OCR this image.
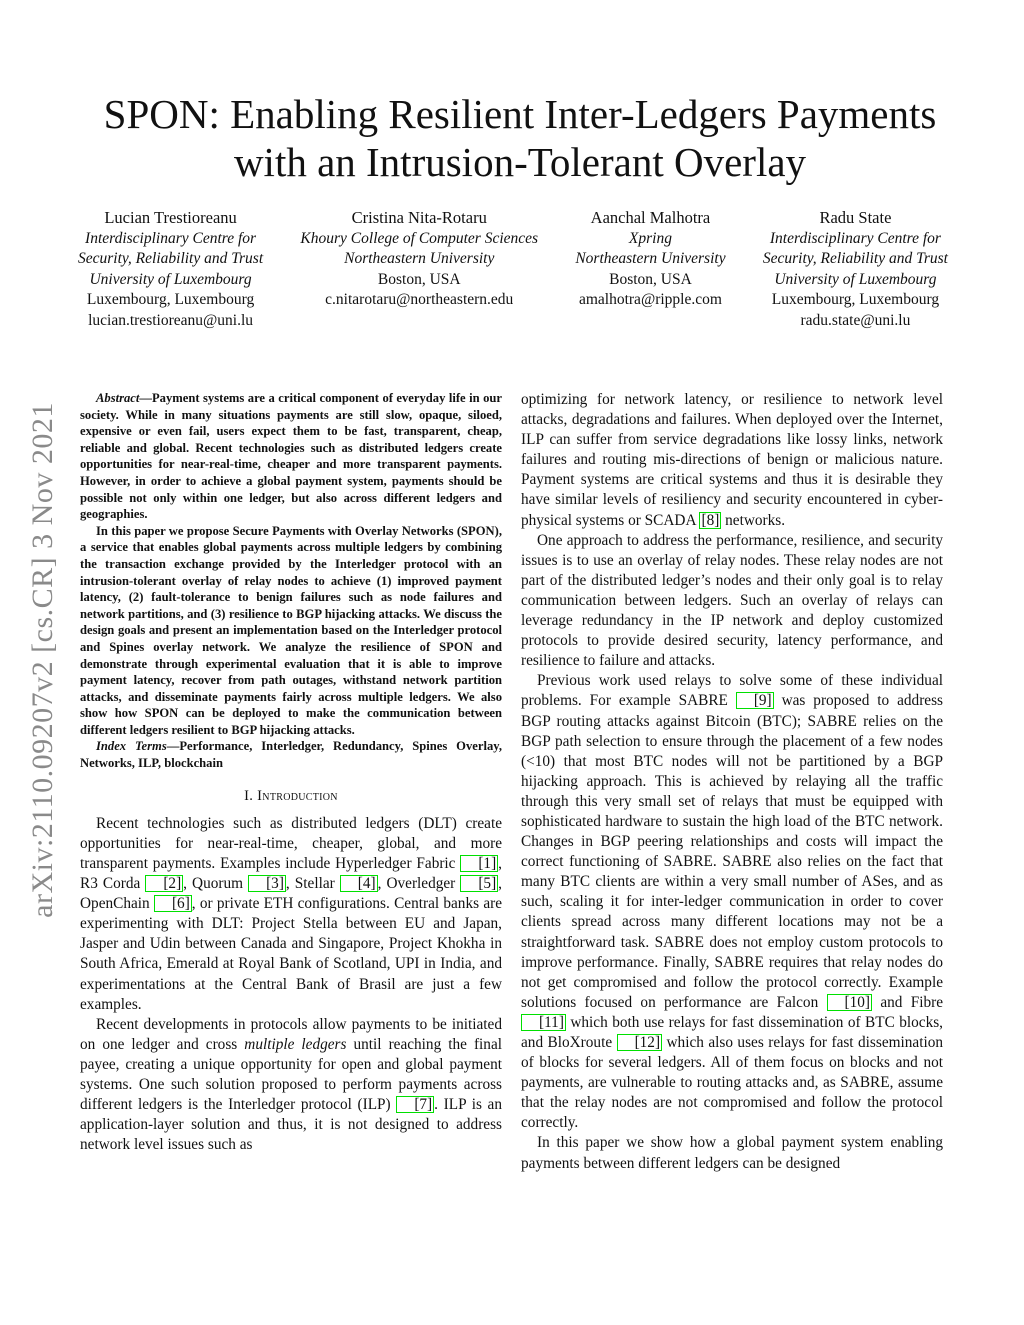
arXiv:2110.09207v2 [cs.CR] 3 Nov 2021
SPON: Enabling Resilient Inter-Ledgers Payments with an Intrusion-Tolerant Overlay
Lucian Trestioreanu
Interdisciplinary Centre for
Security, Reliability and Trust
University of Luxembourg
Luxembourg, Luxembourg
lucian.trestioreanu@uni.lu
Cristina Nita-Rotaru
Khoury College of Computer Sciences
Northeastern University
Boston, USA
c.nitarotaru@northeastern.edu
Aanchal Malhotra
Xpring
Northeastern University
Boston, USA
amalhotra@ripple.com
Radu State
Interdisciplinary Centre for
Security, Reliability and Trust
University of Luxembourg
Luxembourg, Luxembourg
radu.state@uni.lu

Abstract—Payment systems are a critical component of everyday life in our society. While in many situations payments are still slow, opaque, siloed, expensive or even fail, users expect them to be fast, transparent, cheap, reliable and global. Recent technologies such as distributed ledgers create opportunities for near-real-time, cheaper and more transparent payments. However, in order to achieve a global payment system, payments should be possible not only within one ledger, but also across different ledgers and geographies.

In this paper we propose Secure Payments with Overlay Networks (SPON), a service that enables global payments across multiple ledgers by combining the transaction exchange provided by the Interledger protocol with an intrusion-tolerant overlay of relay nodes to achieve (1) improved payment latency, (2) fault-tolerance to benign failures such as node failures and network partitions, and (3) resilience to BGP hijacking attacks. We discuss the design goals and present an implementation based on the Interledger protocol and Spines overlay network. We analyze the resilience of SPON and demonstrate through experimental evaluation that it is able to improve payment latency, recover from path outages, withstand network partition attacks, and disseminate payments fairly across multiple ledgers. We also show how SPON can be deployed to make the communication between different ledgers resilient to BGP hijacking attacks.

Index Terms—Performance, Interledger, Redundancy, Spines Overlay, Networks, ILP, blockchain

I. Introduction

Recent technologies such as distributed ledgers (DLT) create opportunities for near-real-time, cheaper, global, and more transparent payments. Examples include Hyperledger Fabric [1] , R3 Corda [2] , Quorum [3] , Stellar [4] , Overledger [5] , OpenChain [6] , or private ETH configurations. Central banks are experimenting with DLT: Project Stella between EU and Japan, Jasper and Udin between Canada and Singapore, Project Khokha in South Africa, Emerald at Royal Bank of Scotland, UPI in India, and experimentations at the Central Bank of Brasil are just a few examples.

Recent developments in protocols allow payments to be initiated on one ledger and cross multiple ledgers until reaching the final payee, creating a unique opportunity for open and global payment systems. One such solution proposed to perform payments across different ledgers is the Interledger protocol (ILP) [7] . ILP is an application-layer solution and thus, it is not designed to address network level issues such as

optimizing for network latency, or resilience to network level attacks, degradations and failures. When deployed over the Internet, ILP can suffer from service degradations like lossy links, network failures and routing mis-directions of benign or malicious nature. Payment systems are critical systems and thus it is desirable they have similar levels of resiliency and security encountered in cyber-physical systems or SCADA [8] networks.

One approach to address the performance, resilience, and security issues is to use an overlay of relay nodes. These relay nodes are not part of the distributed ledger’s nodes and their only goal is to relay communication between ledgers. Such an overlay of relays can leverage redundancy in the IP network and deploy customized protocols to provide desired security, latency performance, and resilience to failure and attacks.

Previous work used relays to solve some of these individual problems. For example SABRE [9] was proposed to address BGP routing attacks against Bitcoin (BTC); SABRE relies on the BGP path selection to ensure through the placement of a few nodes (<10) that most BTC nodes will not be partitioned by a BGP hijacking approach. This is achieved by relaying all the traffic through this very small set of relays that must be equipped with sophisticated hardware to sustain the high load of the BTC network. Changes in BGP peering relationships and costs will impact the correct functioning of SABRE. SABRE also relies on the fact that many BTC clients are within a very small number of ASes, and as such, scaling it for inter-ledger communication in order to cover clients spread across many different locations may not be a straightforward task. SABRE does not employ custom protocols to improve performance. Finally, SABRE requires that relay nodes do not get compromised and follow the protocol correctly. Example solutions focused on performance are Falcon [10] and Fibre [11] which both use relays for fast dissemination of BTC blocks, and BloXroute [12] which also uses relays for fast dissemination of blocks for several ledgers. All of them focus on blocks and not payments, are vulnerable to routing attacks and, as SABRE, assume that the relay nodes are not compromised and follow the protocol correctly.

In this paper we show how a global payment system enabling payments between different ledgers can be designed
